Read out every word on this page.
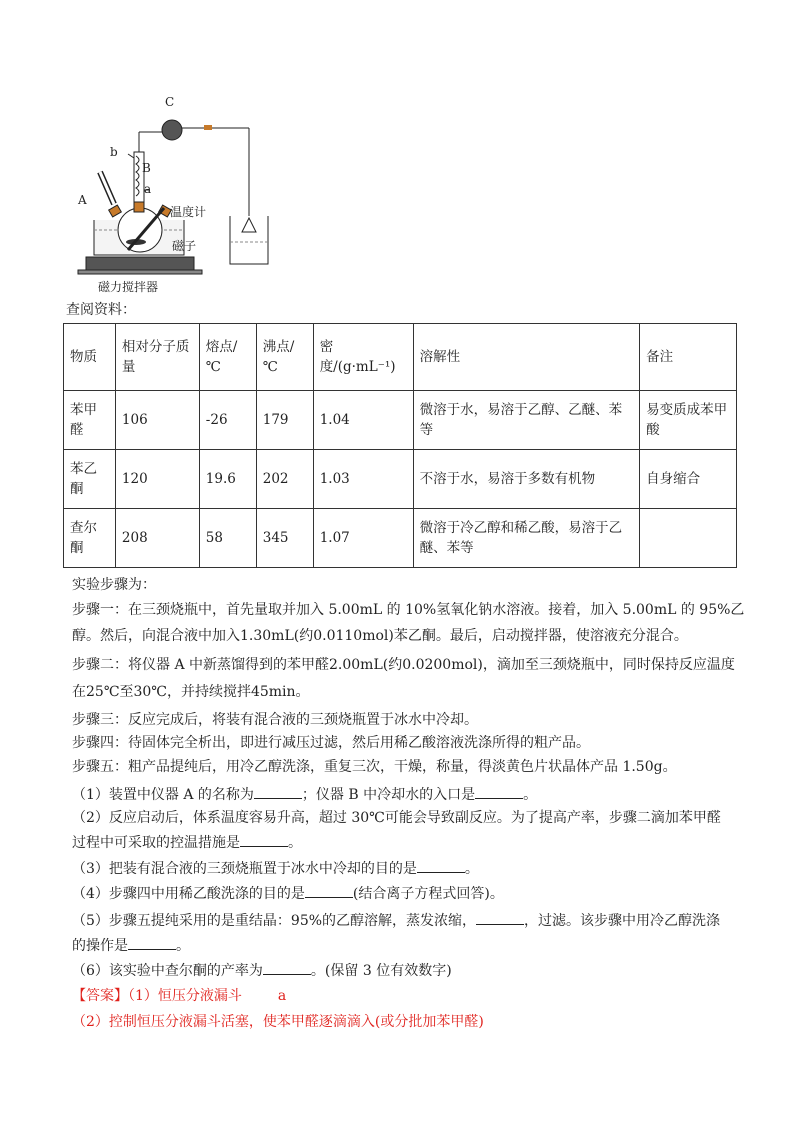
C
b
B
a
A
温度计
磁子
磁力搅拌器
查阅资料：
物质	相对分子质量	熔点/℃	沸点/℃	密度/(g·mL⁻¹)	溶解性	备注
苯甲醛	106	-26	179	1.04	微溶于水，易溶于乙醇、乙醚、苯等	易变质成苯甲酸
苯乙酮	120	19.6	202	1.03	不溶于水，易溶于多数有机物	自身缩合
查尔酮	208	58	345	1.07	微溶于冷乙醇和稀乙酸，易溶于乙醚、苯等	
实验步骤为：
步骤一：在三颈烧瓶中，首先量取并加入 5.00mL 的 10%氢氧化钠水溶液。接着，加入 5.00mL 的 95%乙
醇。然后，向混合液中加入1.30mL(约0.0110mol)苯乙酮。最后，启动搅拌器，使溶液充分混合。
步骤二：将仪器 A 中新蒸馏得到的苯甲醛2.00mL(约0.0200mol)，滴加至三颈烧瓶中，同时保持反应温度
在25℃至30℃，并持续搅拌45min。
步骤三：反应完成后，将装有混合液的三颈烧瓶置于冰水中冷却。
步骤四：待固体完全析出，即进行减压过滤，然后用稀乙酸溶液洗涤所得的粗产品。
步骤五：粗产品提纯后，用冷乙醇洗涤，重复三次，干燥，称量，得淡黄色片状晶体产品 1.50g。
（1）装置中仪器 A 的名称为	；仪器 B 中冷却水的入口是	。
（2）反应启动后，体系温度容易升高，超过 30℃可能会导致副反应。为了提高产率，步骤二滴加苯甲醛
过程中可采取的控温措施是	。
（3）把装有混合液的三颈烧瓶置于冰水中冷却的目的是	。
（4）步骤四中用稀乙酸洗涤的目的是	(结合离子方程式回答)。
（5）步骤五提纯采用的是重结晶：95%的乙醇溶解，蒸发浓缩，	，过滤。该步骤中用冷乙醇洗涤
的操作是	。
（6）该实验中查尔酮的产率为	。(保留 3 位有效数字)
【答案】（1）恒压分液漏斗	a
（2）控制恒压分液漏斗活塞，使苯甲醛逐滴滴入(或分批加苯甲醛)
